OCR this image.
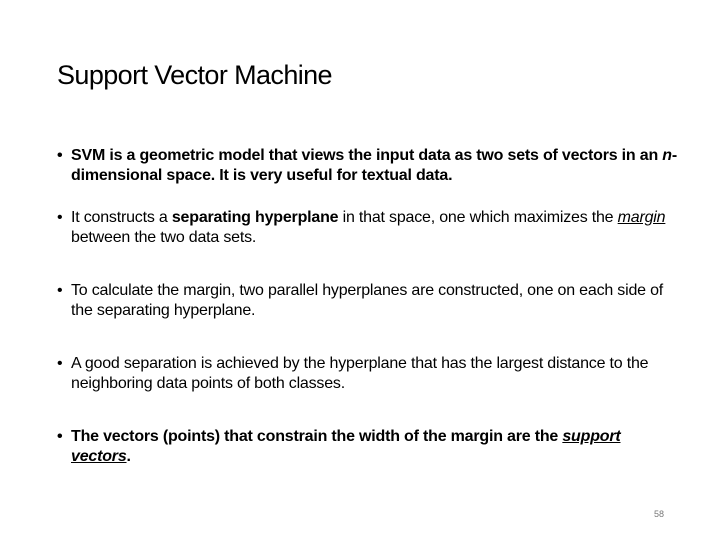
Support Vector Machine
• SVM is a geometric model that views the input data as two sets of vectors in an n-dimensional space. It is very useful for textual data.
• It constructs a separating hyperplane in that space, one which maximizes the margin between the two data sets.
• To calculate the margin, two parallel hyperplanes are constructed, one on each side of the separating hyperplane.
• A good separation is achieved by the hyperplane that has the largest distance to the neighboring data points of both classes.
• The vectors (points) that constrain the width of the margin are the support vectors.
58
